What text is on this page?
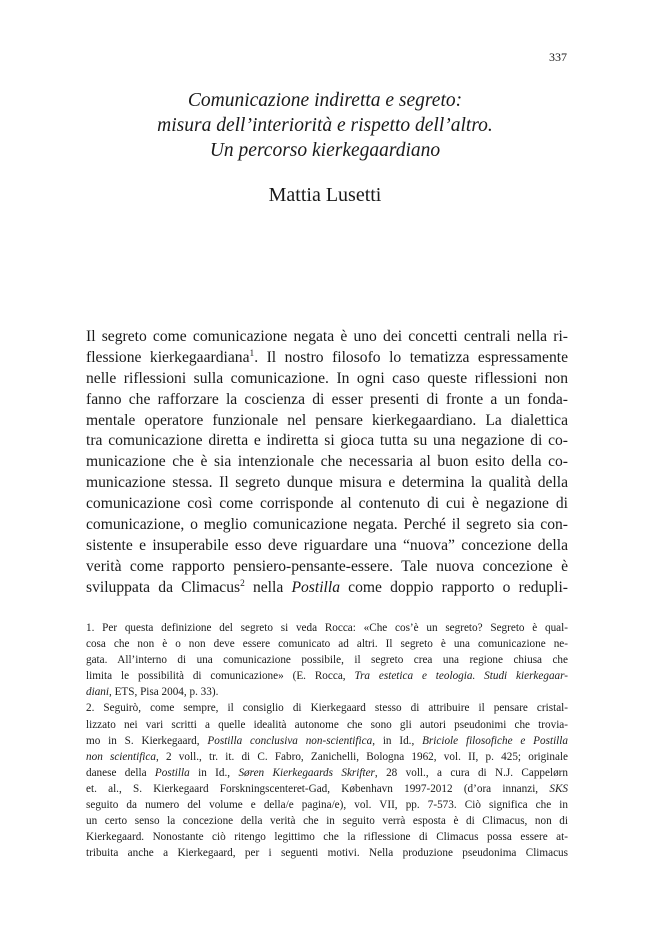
337
Comunicazione indiretta e segreto:
misura dell’interiorità e rispetto dell’altro.
Un percorso kierkegaardiano
Mattia Lusetti
Il segreto come comunicazione negata è uno dei concetti centrali nella ri-
flessione kierkegaardiana$^1$. Il nostro filosofo lo tematizza espressamente
nelle riflessioni sulla comunicazione. In ogni caso queste riflessioni non
fanno che rafforzare la coscienza di esser presenti di fronte a un fonda-
mentale operatore funzionale nel pensare kierkegaardiano. La dialettica
tra comunicazione diretta e indiretta si gioca tutta su una negazione di co-
municazione che è sia intenzionale che necessaria al buon esito della co-
municazione stessa. Il segreto dunque misura e determina la qualità della
comunicazione così come corrisponde al contenuto di cui è negazione di
comunicazione, o meglio comunicazione negata. Perché il segreto sia con-
sistente e insuperabile esso deve riguardare una “nuova” concezione della
verità come rapporto pensiero-pensante-essere. Tale nuova concezione è
sviluppata da Climacus$^2$ nella Postilla come doppio rapporto o redupli-
1. Per questa definizione del segreto si veda Rocca: «Che cos’è un segreto? Segreto è qual-
cosa che non è o non deve essere comunicato ad altri. Il segreto è una comunicazione ne-
gata. All’interno di una comunicazione possibile, il segreto crea una regione chiusa che
limita le possibilità di comunicazione» (E. Rocca, Tra estetica e teologia. Studi kierkegaar-
diani, ETS, Pisa 2004, p. 33).
2. Seguirò, come sempre, il consiglio di Kierkegaard stesso di attribuire il pensare cristal-
lizzato nei vari scritti a quelle idealità autonome che sono gli autori pseudonimi che trovia-
mo in S. Kierkegaard, Postilla conclusiva non-scientifica, in Id., Briciole filosofiche e Postilla
non scientifica, 2 voll., tr. it. di C. Fabro, Zanichelli, Bologna 1962, vol. II, p. 425; originale
danese della Postilla in Id., Søren Kierkegaards Skrifter, 28 voll., a cura di N.J. Cappelørn
et. al., S. Kierkegaard Forskningscenteret-Gad, København 1997-2012 (d’ora innanzi, SKS
seguito da numero del volume e della/e pagina/e), vol. VII, pp. 7-573. Ciò significa che in
un certo senso la concezione della verità che in seguito verrà esposta è di Climacus, non di
Kierkegaard. Nonostante ciò ritengo legittimo che la riflessione di Climacus possa essere at-
tribuita anche a Kierkegaard, per i seguenti motivi. Nella produzione pseudonima Climacus
